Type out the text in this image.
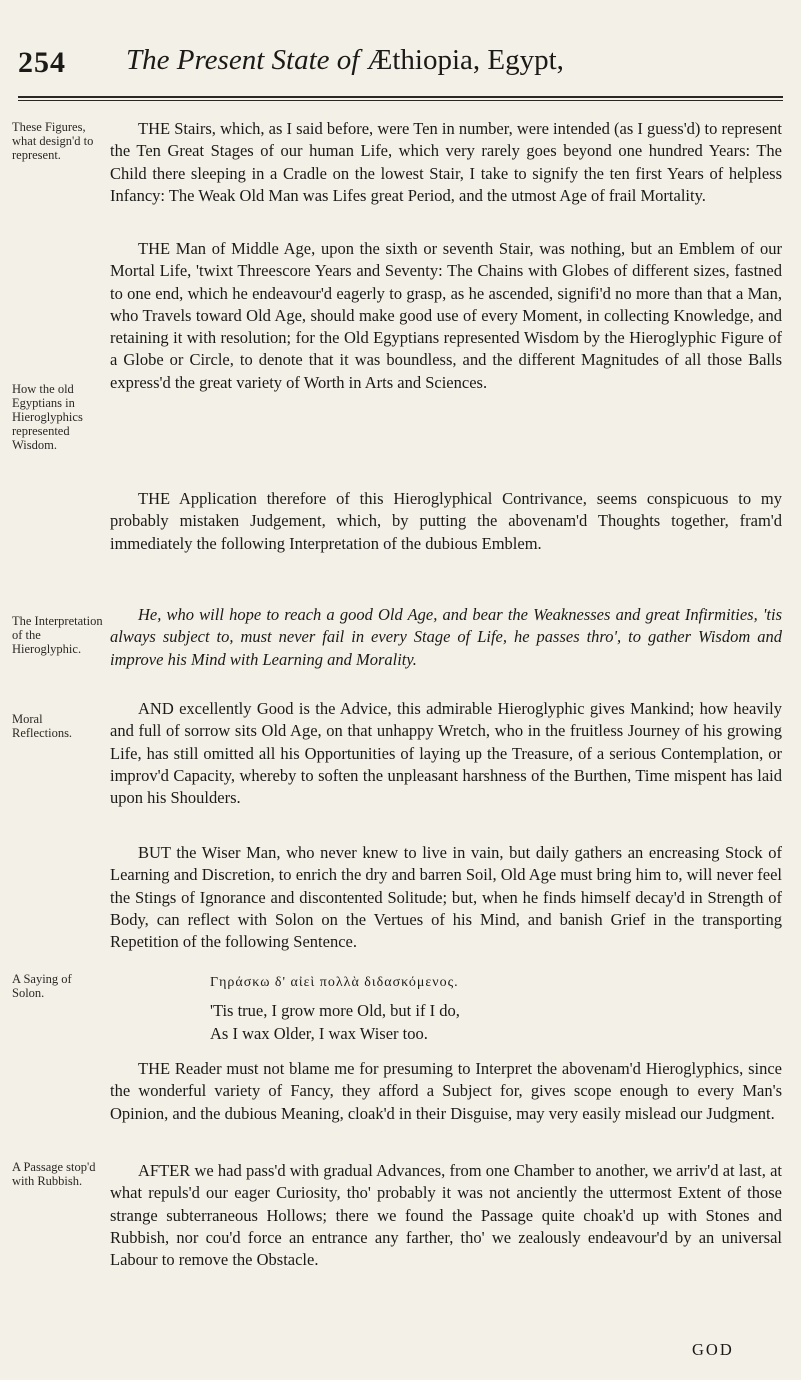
254 The Present State of Æthiopia, Egypt,
These Figures, what design'd to represent.
How the old Egyptians in Hieroglyphics represented Wisdom.
The Interpretation of the Hieroglyphic.
Moral Reflections.
A Saying of Solon.
A Passage stop'd with Rubbish.

THE Stairs, which, as I said before, were Ten in number, were intended (as I guess'd) to represent the Ten Great Stages of our human Life, which very rarely goes beyond one hundred Years: The Child there sleeping in a Cradle on the lowest Stair, I take to signify the ten first Years of helpless Infancy: The Weak Old Man was Lifes great Period, and the utmost Age of frail Mortality.

THE Man of Middle Age, upon the sixth or seventh Stair, was nothing, but an Emblem of our Mortal Life, 'twixt Threescore Years and Seventy: The Chains with Globes of different sizes, fastned to one end, which he endeavour'd eagerly to grasp, as he ascended, signifi'd no more than that a Man, who Travels toward Old Age, should make good use of every Moment, in collecting Knowledge, and retaining it with resolution; for the Old Egyptians represented Wisdom by the Hieroglyphic Figure of a Globe or Circle, to denote that it was boundless, and the different Magnitudes of all those Balls express'd the great variety of Worth in Arts and Sciences.

THE Application therefore of this Hieroglyphical Contrivance, seems conspicuous to my probably mistaken Judgement, which, by putting the abovenam'd Thoughts together, fram'd immediately the following Interpretation of the dubious Emblem.

He, who will hope to reach a good Old Age, and bear the Weaknesses and great Infirmities, 'tis always subject to, must never fail in every Stage of Life, he passes thro', to gather Wisdom and improve his Mind with Learning and Morality.

AND excellently Good is the Advice, this admirable Hieroglyphic gives Mankind; how heavily and full of sorrow sits Old Age, on that unhappy Wretch, who in the fruitless Journey of his growing Life, has still omitted all his Opportunities of laying up the Treasure, of a serious Contemplation, or improv'd Capacity, whereby to soften the unpleasant harshness of the Burthen, Time mispent has laid upon his Shoulders.

BUT the Wiser Man, who never knew to live in vain, but daily gathers an encreasing Stock of Learning and Discretion, to enrich the dry and barren Soil, Old Age must bring him to, will never feel the Stings of Ignorance and discontented Solitude; but, when he finds himself decay'd in Strength of Body, can reflect with Solon on the Vertues of his Mind, and banish Grief in the transporting Repetition of the following Sentence.

Γηράσκω δ' αἰεὶ πολλὰ διδασκόμενος.
'Tis true, I grow more Old, but if I do,
As I wax Older, I wax Wiser too.

THE Reader must not blame me for presuming to Interpret the abovenam'd Hieroglyphics, since the wonderful variety of Fancy, they afford a Subject for, gives scope enough to every Man's Opinion, and the dubious Meaning, cloak'd in their Disguise, may very easily mislead our Judgment.

AFTER we had pass'd with gradual Advances, from one Chamber to another, we arriv'd at last, at what repuls'd our eager Curiosity, tho' probably it was not anciently the uttermost Extent of those strange subterraneous Hollows; there we found the Passage quite choak'd up with Stones and Rubbish, nor cou'd force an entrance any farther, tho' we zealously endeavour'd by an universal Labour to remove the Obstacle.

GOD
